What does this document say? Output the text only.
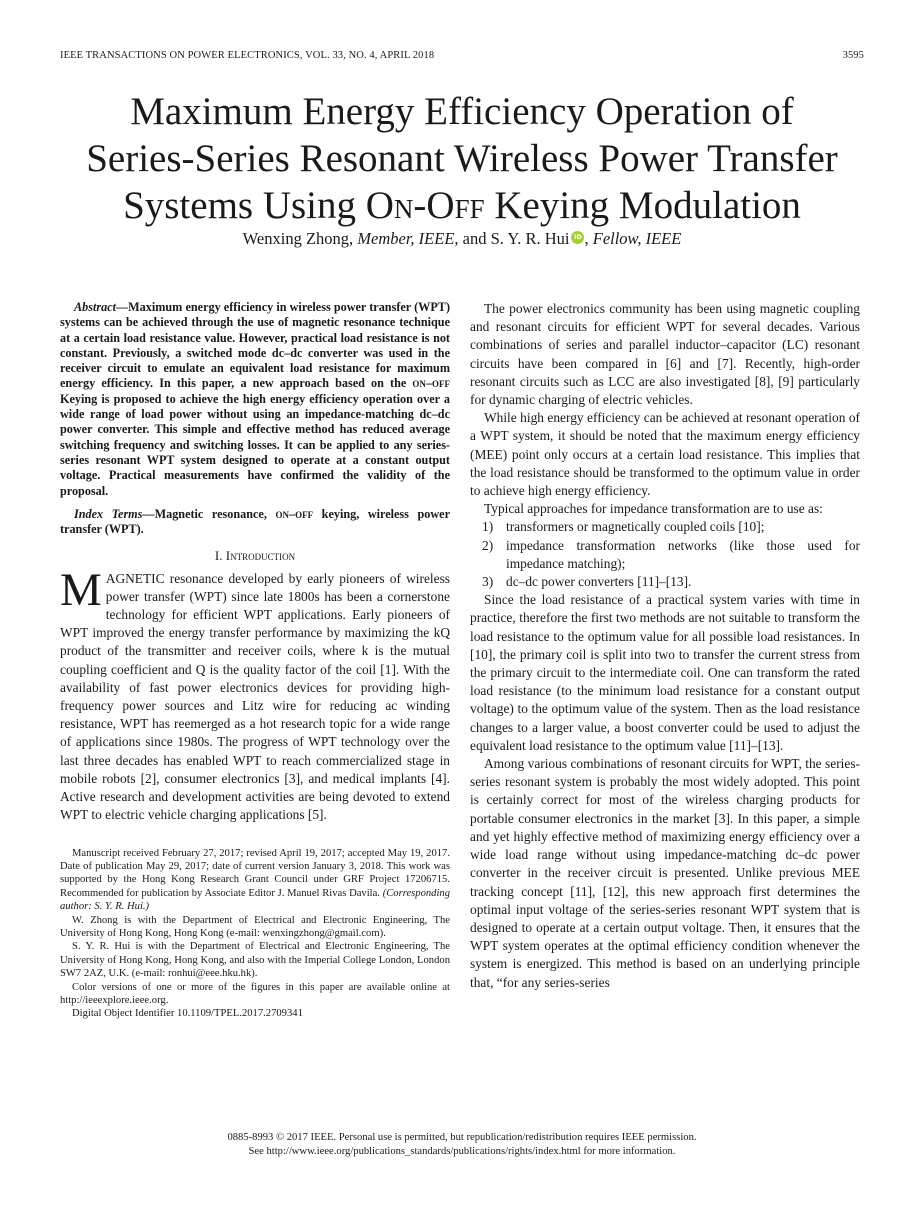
IEEE TRANSACTIONS ON POWER ELECTRONICS, VOL. 33, NO. 4, APRIL 2018	3595
Maximum Energy Efficiency Operation of
Series-Series Resonant Wireless Power Transfer
Systems Using On-Off Keying Modulation
Wenxing Zhong, Member, IEEE, and S. Y. R. Hui iD , Fellow, IEEE

Abstract—Maximum energy efficiency in wireless power transfer (WPT) systems can be achieved through the use of magnetic resonance technique at a certain load resistance value. However, practical load resistance is not constant. Previously, a switched mode dc–dc converter was used in the receiver circuit to emulate an equivalent load resistance for maximum energy efficiency. In this paper, a new approach based on the on–off Keying is proposed to achieve the high energy efficiency operation over a wide range of load power without using an impedance-matching dc–dc power converter. This simple and effective method has reduced average switching frequency and switching losses. It can be applied to any series-series resonant WPT system designed to operate at a constant output voltage. Practical measurements have confirmed the validity of the proposal.

Index Terms—Magnetic resonance, on–off keying, wireless power transfer (WPT).

I. Introduction

MAGNETIC resonance developed by early pioneers of wireless power transfer (WPT) since late 1800s has been a cornerstone technology for efficient WPT applications. Early pioneers of WPT improved the energy transfer performance by maximizing the kQ product of the transmitter and receiver coils, where k is the mutual coupling coefficient and Q is the quality factor of the coil [1]. With the availability of fast power electronics devices for providing high-frequency power sources and Litz wire for reducing ac winding resistance, WPT has reemerged as a hot research topic for a wide range of applications since 1980s. The progress of WPT technology over the last three decades has enabled WPT to reach commercialized stage in mobile robots [2], consumer electronics [3], and medical implants [4]. Active research and development activities are being devoted to extend WPT to electric vehicle charging applications [5].

Manuscript received February 27, 2017; revised April 19, 2017; accepted May 19, 2017. Date of publication May 29, 2017; date of current version January 3, 2018. This work was supported by the Hong Kong Research Grant Council under GRF Project 17206715. Recommended for publication by Associate Editor J. Manuel Rivas Davila. (Corresponding author: S. Y. R. Hui.)

W. Zhong is with the Department of Electrical and Electronic Engineering, The University of Hong Kong, Hong Kong (e-mail: wenxingzhong@gmail.com).

S. Y. R. Hui is with the Department of Electrical and Electronic Engineering, The University of Hong Kong, Hong Kong, and also with the Imperial College London, London SW7 2AZ, U.K. (e-mail: ronhui@eee.hku.hk).

Color versions of one or more of the figures in this paper are available online at http://ieeexplore.ieee.org.

Digital Object Identifier 10.1109/TPEL.2017.2709341

The power electronics community has been using magnetic coupling and resonant circuits for efficient WPT for several decades. Various combinations of series and parallel inductor–capacitor (LC) resonant circuits have been compared in [6] and [7]. Recently, high-order resonant circuits such as LCC are also investigated [8], [9] particularly for dynamic charging of electric vehicles.

While high energy efficiency can be achieved at resonant operation of a WPT system, it should be noted that the maximum energy efficiency (MEE) point only occurs at a certain load resistance. This implies that the load resistance should be transformed to the optimum value in order to achieve high energy efficiency.

Typical approaches for impedance transformation are to use as:

1) transformers or magnetically coupled coils [10];
2) impedance transformation networks (like those used for impedance matching);
3) dc–dc power converters [11]–[13].

Since the load resistance of a practical system varies with time in practice, therefore the first two methods are not suitable to transform the load resistance to the optimum value for all possible load resistances. In [10], the primary coil is split into two to transfer the current stress from the primary circuit to the intermediate coil. One can transform the rated load resistance (to the minimum load resistance for a constant output voltage) to the optimum value of the system. Then as the load resistance changes to a larger value, a boost converter could be used to adjust the equivalent load resistance to the optimum value [11]–[13].

Among various combinations of resonant circuits for WPT, the series-series resonant system is probably the most widely adopted. This point is certainly correct for most of the wireless charging products for portable consumer electronics in the market [3]. In this paper, a simple and yet highly effective method of maximizing energy efficiency over a wide load range without using impedance-matching dc–dc power converter in the receiver circuit is presented. Unlike previous MEE tracking concept [11], [12], this new approach first determines the optimal input voltage of the series-series resonant WPT system that is designed to operate at a certain output voltage. Then, it ensures that the WPT system operates at the optimal efficiency condition whenever the system is energized. This method is based on an underlying principle that, “for any series-series

0885-8993 © 2017 IEEE. Personal use is permitted, but republication/redistribution requires IEEE permission.
See http://www.ieee.org/publications_standards/publications/rights/index.html for more information.
